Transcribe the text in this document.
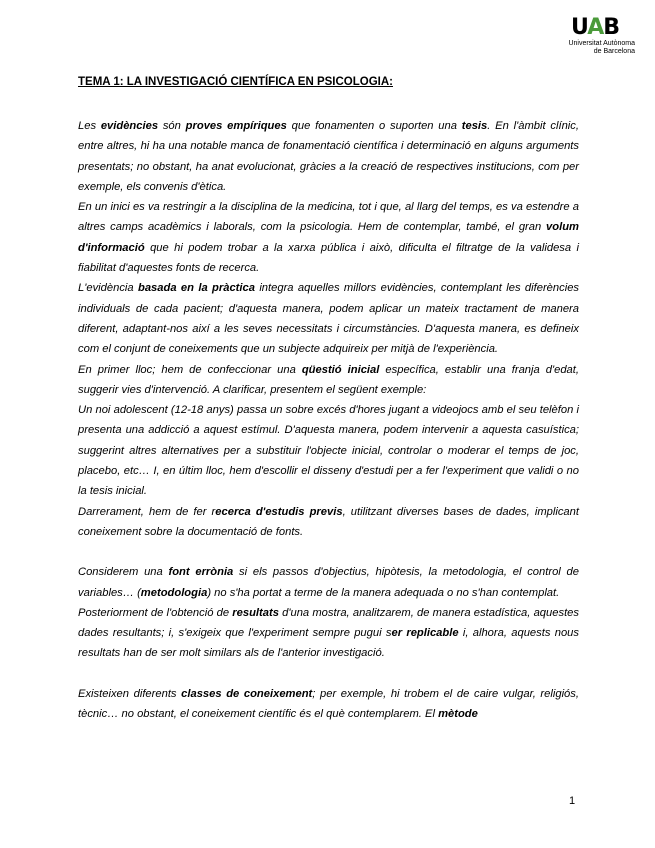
UAB
Universitat Autònoma
de Barcelona
TEMA 1: LA INVESTIGACIÓ CIENTÍFICA EN PSICOLOGIA:

Les evidències són proves empíriques que fonamenten o suporten una tesis. En l'àmbit clínic, entre altres, hi ha una notable manca de fonamentació científica i determinació en alguns arguments presentats; no obstant, ha anat evolucionat, gràcies a la creació de respectives institucions, com per exemple, els convenis d'ètica.

En un inici es va restringir a la disciplina de la medicina, tot i que, al llarg del temps, es va estendre a altres camps acadèmics i laborals, com la psicologia. Hem de contemplar, també, el gran volum d'informació que hi podem trobar a la xarxa pública i això, dificulta el filtratge de la validesa i fiabilitat d'aquestes fonts de recerca.

L'evidència basada en la pràctica integra aquelles millors evidències, contemplant les diferències individuals de cada pacient; d'aquesta manera, podem aplicar un mateix tractament de manera diferent, adaptant-nos així a les seves necessitats i circumstàncies. D'aquesta manera, es defineix com el conjunt de coneixements que un subjecte adquireix per mitjà de l'experiència.

En primer lloc; hem de confeccionar una qüestió inicial específica, establir una franja d'edat, suggerir vies d'intervenció. A clarificar, presentem el següent exemple:

Un noi adolescent (12-18 anys) passa un sobre excés d'hores jugant a videojocs amb el seu telèfon i presenta una addicció a aquest estímul. D'aquesta manera, podem intervenir a aquesta casuística; suggerint altres alternatives per a substituir l'objecte inicial, controlar o moderar el temps de joc, placebo, etc… I, en últim lloc, hem d'escollir el disseny d'estudi per a fer l'experiment que validi o no la tesis inicial.

Darrerament, hem de fer recerca d'estudis previs, utilitzant diverses bases de dades, implicant coneixement sobre la documentació de fonts.

Considerem una font errònia si els passos d'objectius, hipòtesis, la metodologia, el control de variables… (metodologia) no s'ha portat a terme de la manera adequada o no s'han contemplat.

Posteriorment de l'obtenció de resultats d'una mostra, analitzarem, de manera estadística, aquestes dades resultants; i, s'exigeix que l'experiment sempre pugui ser replicable i, alhora, aquests nous resultats han de ser molt similars als de l'anterior investigació.

Existeixen diferents classes de coneixement; per exemple, hi trobem el de caire vulgar, religiós, tècnic… no obstant, el coneixement científic és el què contemplarem. El mètode

1
